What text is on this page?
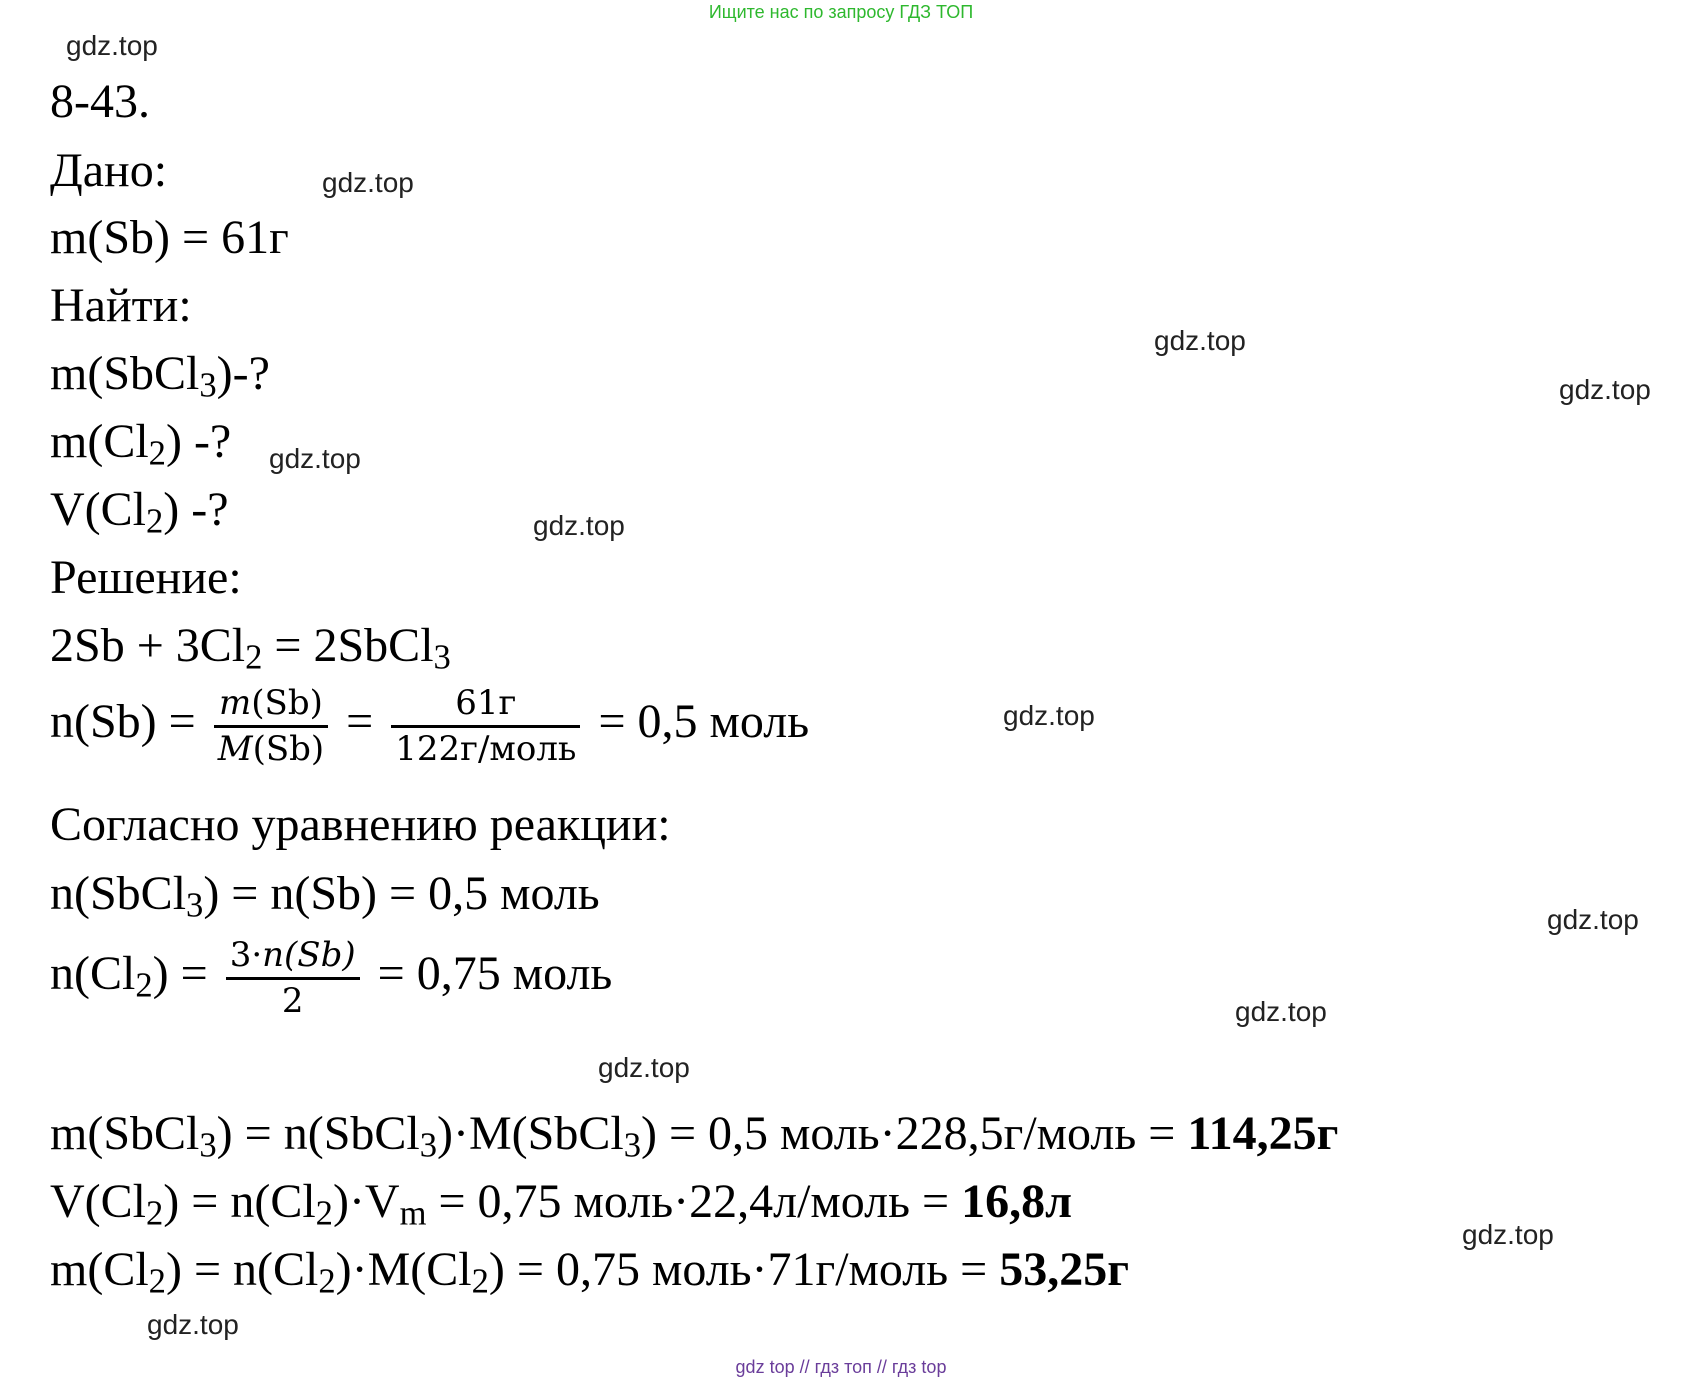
Ищите нас по запросу ГДЗ ТОП
gdz.top
gdz.top
gdz.top
gdz.top
gdz.top
gdz.top
gdz.top
gdz.top
gdz.top
gdz.top
gdz.top
gdz.top
8-43.
Дано:
m(Sb) = 61г
Найти:
m(SbCl$_3$)-?
$m(Cl_2)$ -?
$V(Cl_2)$ -?
Решение:
$2Sb + 3Cl_2$ = 2SbCl$_3$
$n(Sb) = \frac{m(Sb)}{M(Sb)} = \frac{61г}{\text{122г/моль}} = 0,5$ моль
Согласно уравнению реакции:
n(SbCl$_3$) = n(Sb) = 0,5 моль
$n(Cl_2) = \frac{3\cdot n(Sb)}{2} = 0,75$ моль
m(SbCl$_3$) = n(SbCl$_3$)·M(SbCl$_3$) = 0,5 моль·228,5г/моль = 114,25г
$V(Cl_2) = n(Cl_2)\cdot V_m = 0,75$ моль·22,4л/моль = 16,8л
$m(Cl_2) = n(Cl_2)\cdot M(Cl_2) = 0,75$ моль·71г/моль = 53,25г
gdz top // гдз топ // гдз top
